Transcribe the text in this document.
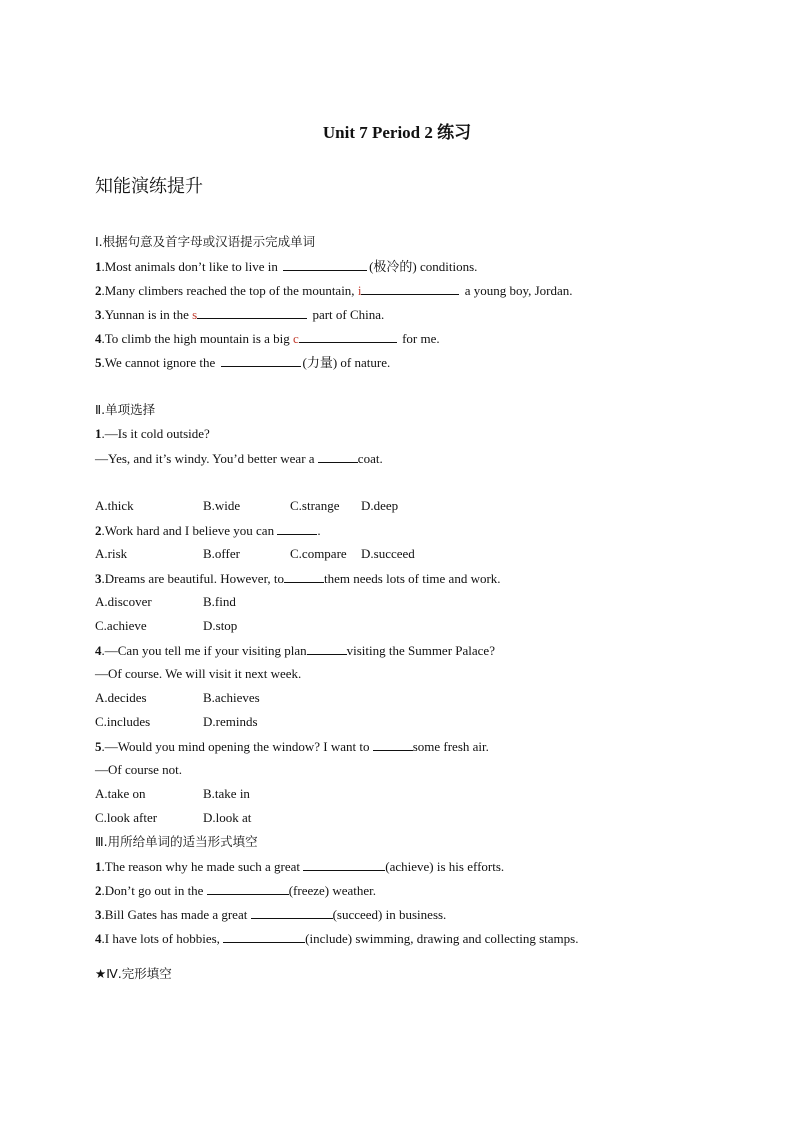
Unit 7 Period 2 练习
知能演练提升
Ⅰ.根据句意及首字母或汉语提示完成单词
1.Most animals don’t like to live in	(极冷的) conditions.
2.Many climbers reached the top of the mountain, i	a young boy, Jordan.
3.Yunnan is in the s	part of China.
4.To climb the high mountain is a big c	for me.
5.We cannot ignore the	(力量) of nature.
Ⅱ.单项选择
1.—Is it cold outside?
—Yes, and it’s windy. You’d better wear a	coat.
A.thick	B.wide	C.strange D.deep
2.Work hard and I believe you can	.
A.risk	B.offer	C.compare D.succeed
3.Dreams are beautiful. However, to	them needs lots of time and work.
A.discover	B.find
C.achieve	D.stop
4.—Can you tell me if your visiting plan	visiting the Summer Palace?
—Of course. We will visit it next week.
A.decides	B.achieves
C.includes	D.reminds
5.—Would you mind opening the window? I want to	some fresh air.
—Of course not.
A.take on	B.take in
C.look after	D.look at
Ⅲ.用所给单词的适当形式填空
1.The reason why he made such a great	(achieve) is his efforts.
2.Don’t go out in the	(freeze) weather.
3.Bill Gates has made a great	(succeed) in business.
4.I have lots of hobbies,	(include) swimming, drawing and collecting stamps.
★Ⅳ.完形填空
